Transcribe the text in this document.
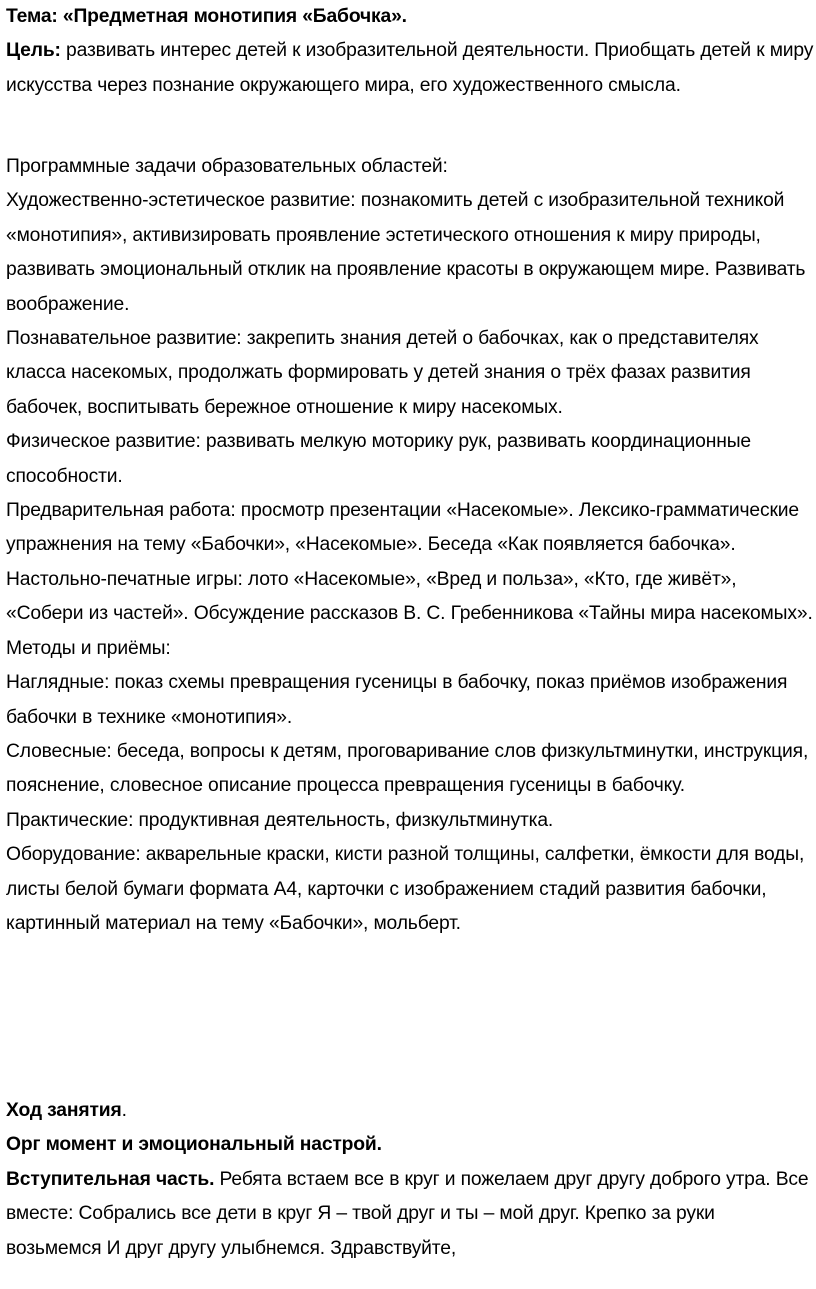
Тема: «Предметная монотипия «Бабочка».

Цель: развивать интерес детей к изобразительной деятельности. Приобщать детей к миру искусства через познание окружающего мира, его художественного смысла.

Программные задачи образовательных областей:

Художественно-эстетическое развитие: познакомить детей с изобразительной техникой «монотипия», активизировать проявление эстетического отношения к миру природы, развивать эмоциональный отклик на проявление красоты в окружающем мире. Развивать воображение.

Познавательное развитие: закрепить знания детей о бабочках, как о представителях класса насекомых, продолжать формировать у детей знания о трёх фазах развития бабочек, воспитывать бережное отношение к миру насекомых.

Физическое развитие: развивать мелкую моторику рук, развивать координационные способности.

Предварительная работа: просмотр презентации «Насекомые». Лексико-грамматические упражнения на тему «Бабочки», «Насекомые». Беседа «Как появляется бабочка». Настольно-печатные игры: лото «Насекомые», «Вред и польза», «Кто, где живёт», «Собери из частей». Обсуждение рассказов В. С. Гребенникова «Тайны мира насекомых».

Методы и приёмы:

Наглядные: показ схемы превращения гусеницы в бабочку, показ приёмов изображения бабочки в технике «монотипия».

Словесные: беседа, вопросы к детям, проговаривание слов физкультминутки, инструкция, пояснение, словесное описание процесса превращения гусеницы в бабочку.

Практические: продуктивная деятельность, физкультминутка.

Оборудование: акварельные краски, кисти разной толщины, салфетки, ёмкости для воды, листы белой бумаги формата А4, карточки с изображением стадий развития бабочки, картинный материал на тему «Бабочки», мольберт.

Ход занятия.

Орг момент и эмоциональный настрой.

Вступительная часть. Ребята встаем все в круг и пожелаем друг другу доброго утра. Все вместе: Собрались все дети в круг Я – твой друг и ты – мой друг. Крепко за руки возьмемся И друг другу улыбнемся. Здравствуйте,
